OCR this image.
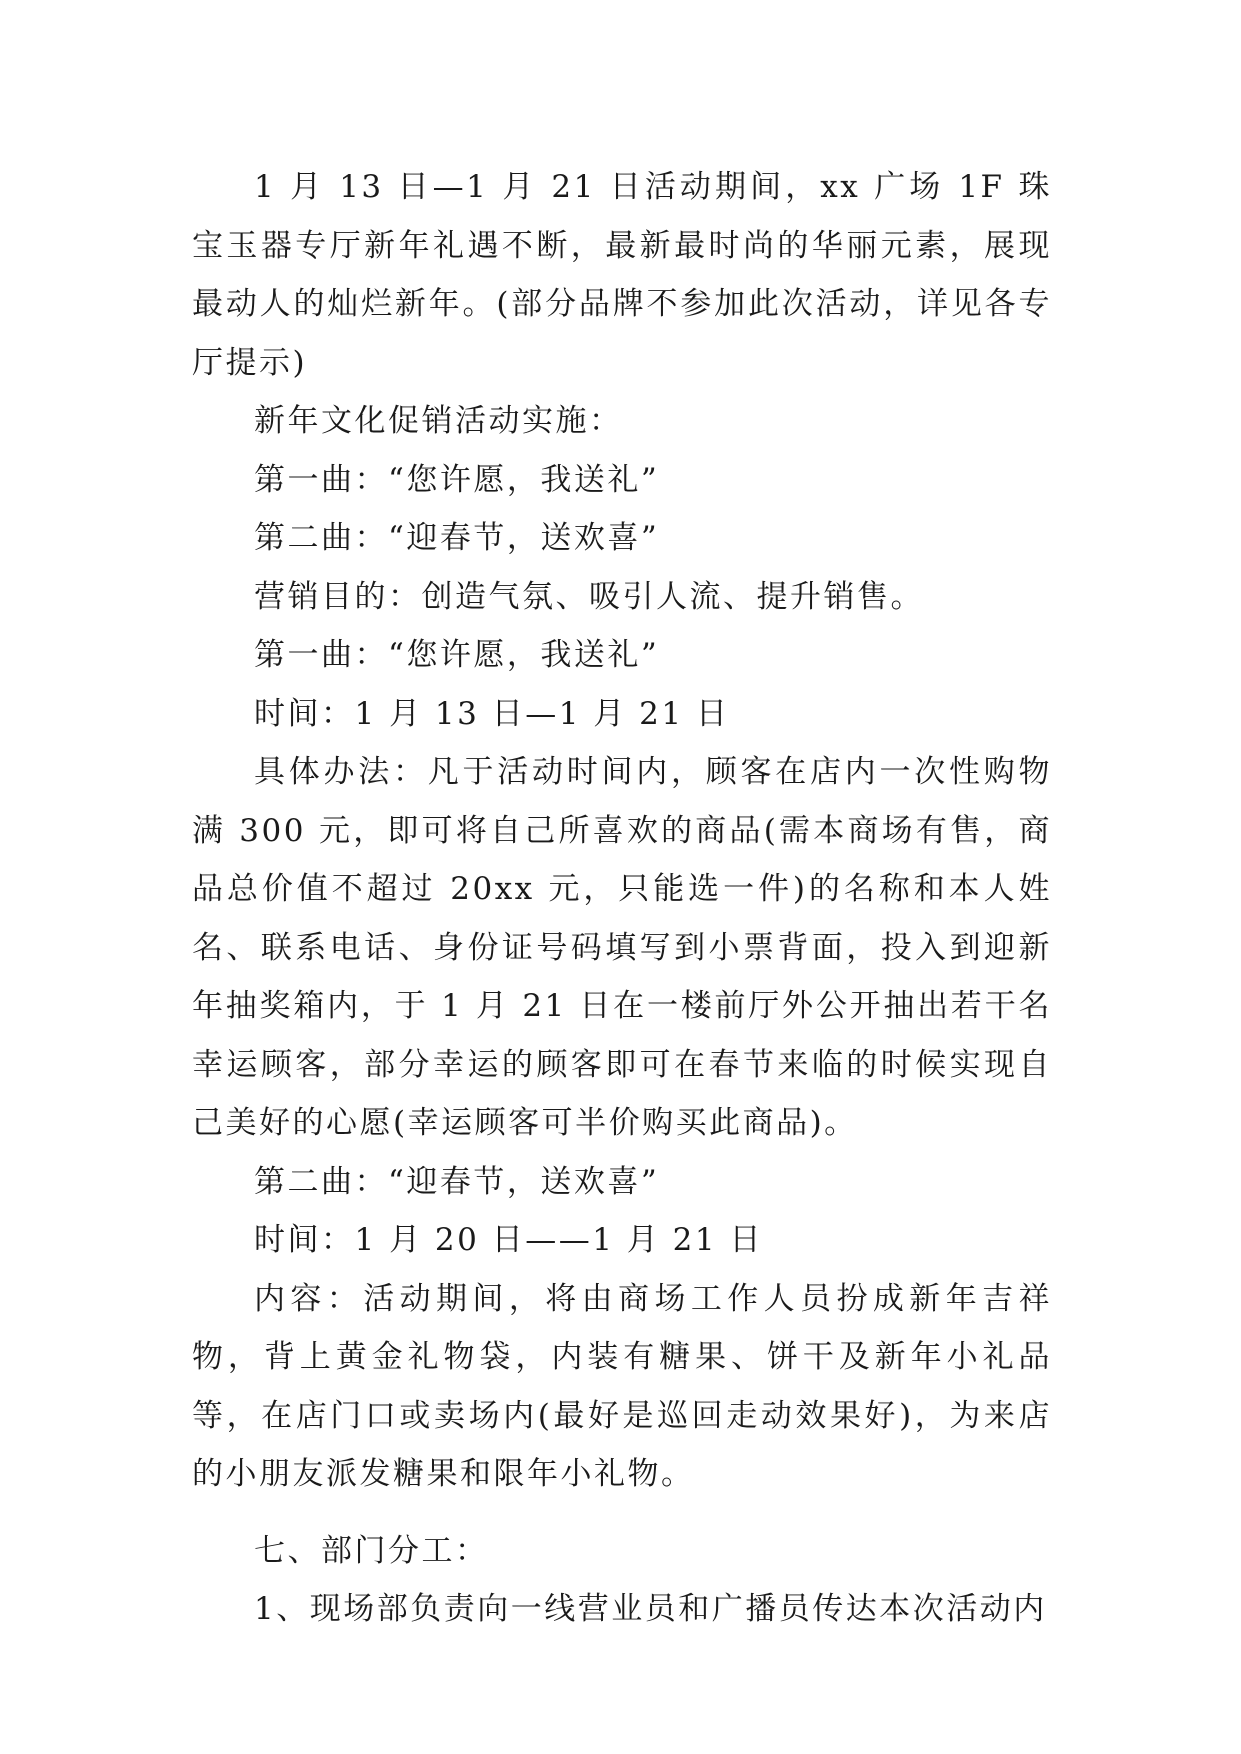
1 月 13 日—1 月 21 日活动期间，xx 广场 1F 珠宝玉器专厅新年礼遇不断，最新最时尚的华丽元素，展现最动人的灿烂新年。(部分品牌不参加此次活动，详见各专厅提示)

新年文化促销活动实施：

第一曲：“您许愿，我送礼”

第二曲：“迎春节，送欢喜”

营销目的：创造气氛、吸引人流、提升销售。

第一曲：“您许愿，我送礼”

时间：1 月 13 日—1 月 21 日

具体办法：凡于活动时间内，顾客在店内一次性购物满 300 元，即可将自己所喜欢的商品(需本商场有售，商品总价值不超过 20xx 元，只能选一件)的名称和本人姓名、联系电话、身份证号码填写到小票背面，投入到迎新年抽奖箱内，于 1 月 21 日在一楼前厅外公开抽出若干名幸运顾客，部分幸运的顾客即可在春节来临的时候实现自己美好的心愿(幸运顾客可半价购买此商品)。

第二曲：“迎春节，送欢喜”

时间：1 月 20 日——1 月 21 日

内容：活动期间，将由商场工作人员扮成新年吉祥物，背上黄金礼物袋，内装有糖果、饼干及新年小礼品等，在店门口或卖场内(最好是巡回走动效果好)，为来店的小朋友派发糖果和限年小礼物。

七、部门分工：

1、现场部负责向一线营业员和广播员传达本次活动内
